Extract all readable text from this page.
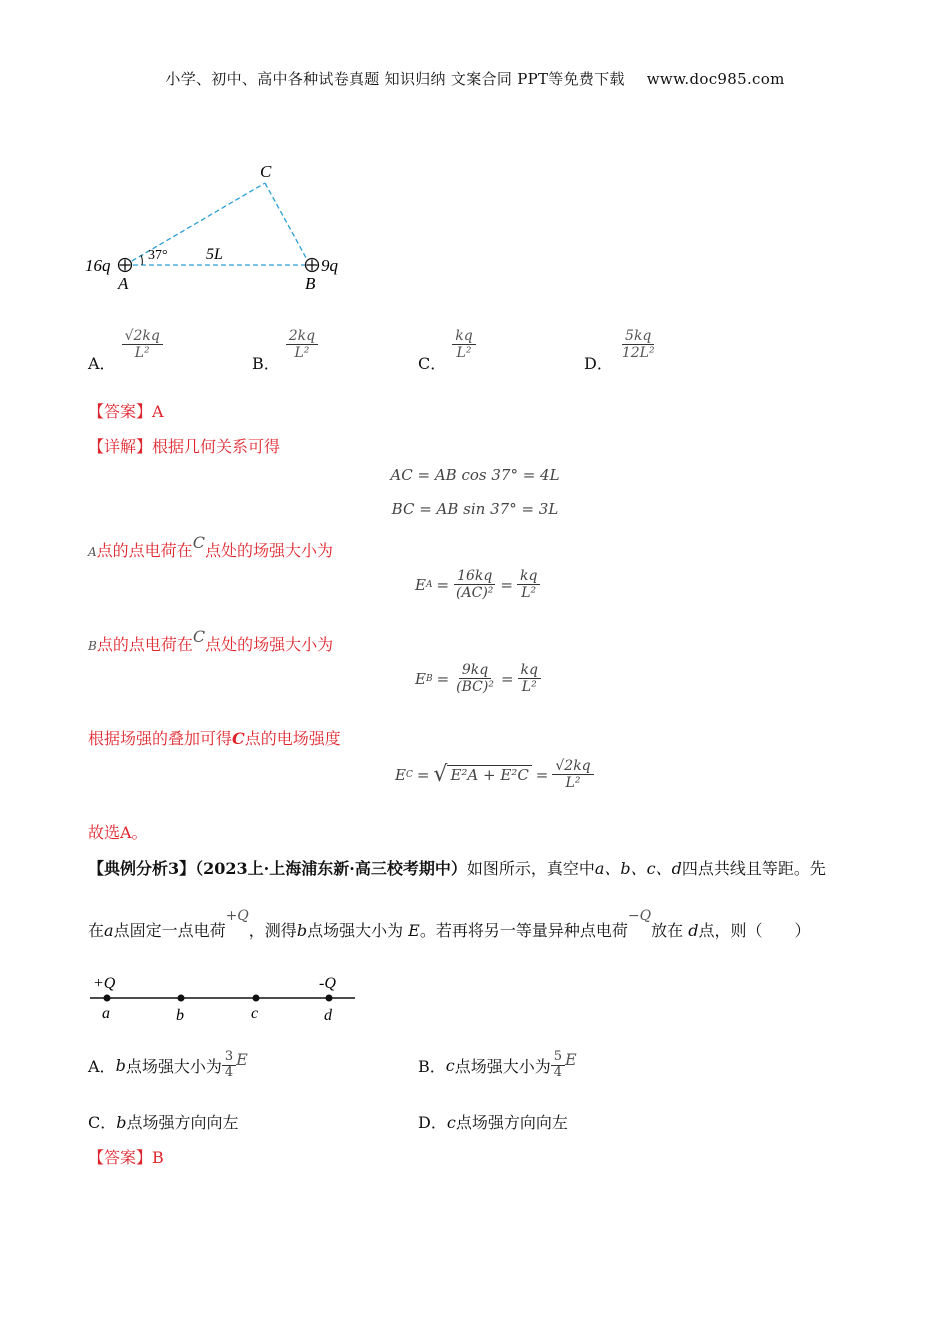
小学、初中、高中各种试卷真题 知识归纳 文案合同 PPT等免费下载 www.doc985.com
C
16q	9q
A	B
37° 5L
A．
$\frac{√2kq}{\text{L²}}$
B．
$\frac{2kq}{\text{L²}}$
C．
$\frac{kq}{\text{L²}}$
D．
$\frac{5kq}{\text{12L²}}$
【答案】A
【详解】根据几何关系可得
AC = AB cos 37° = 4L
BC = AB sin 37° = 3L
A点的点电荷在C点处的场强大小为
E $A = \frac{16kq}{\text{(AC)²}} = \frac{kq}{\text{L²}}$
B点的点电荷在C点处的场强大小为
E $B = \frac{9kq}{\text{(BC)²}} = \frac{kq}{\text{L²}}$
根据场强的叠加可得C点的电场强度
E C = √ $E^2A + E^2C = \frac{√2kq}{\text{L²}}$
故选A。
【典例分析3】（2023上·上海浦东新·高三校考期中）如图所示，真空中a、b、c、d四点共线且等距。先
在a点固定一点电荷+Q，测得b点场强大小为 E。若再将另一等量异种点电荷−Q放在 d点，则（　　）
+Q	-Q
a	b	c	d
A． b 点场强大小为 $\frac{3}{4}$ E	B． c 点场强大小为 $\frac{5}{4}$ E
C．b点场强方向向左	D．c点场强方向向左
【答案】B
